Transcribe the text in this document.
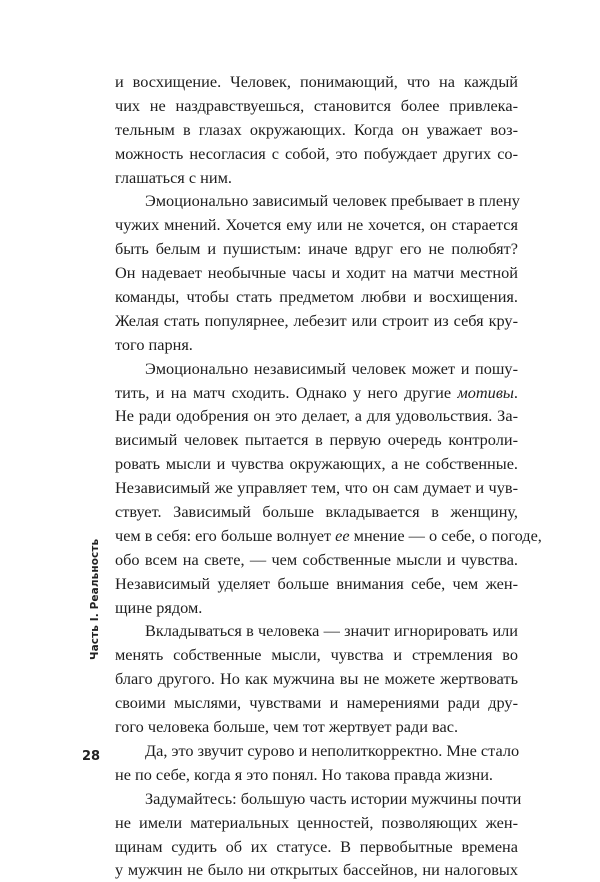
и восхищение. Человек, понимающий, что на каждый
чих не наздравствуешься, становится более привлека-
тельным в глазах окружающих. Когда он уважает воз-
можность несогласия с собой, это побуждает других со-
глашаться с ним.
Эмоционально зависимый человек пребывает в плену
чужих мнений. Хочется ему или не хочется, он старается
быть белым и пушистым: иначе вдруг его не полюбят?
Он надевает необычные часы и ходит на матчи местной
команды, чтобы стать предметом любви и восхищения.
Желая стать популярнее, лебезит или строит из себя кру-
того парня.
Эмоционально независимый человек может и пошу-
тить, и на матч сходить. Однако у него другие мотивы.
Не ради одобрения он это делает, а для удовольствия. За-
висимый человек пытается в первую очередь контроли-
ровать мысли и чувства окружающих, а не собственные.
Независимый же управляет тем, что он сам думает и чув-
ствует. Зависимый больше вкладывается в женщину,
чем в себя: его больше волнует ее мнение — о себе, о погоде,
обо всем на свете, — чем собственные мысли и чувства.
Независимый уделяет больше внимания себе, чем жен-
щине рядом.
Вкладываться в человека — значит игнорировать или
менять собственные мысли, чувства и стремления во
благо другого. Но как мужчина вы не можете жертвовать
своими мыслями, чувствами и намерениями ради дру-
гого человека больше, чем тот жертвует ради вас.
Да, это звучит сурово и неполиткорректно. Мне стало
не по себе, когда я это понял. Но такова правда жизни.
Задумайтесь: большую часть истории мужчины почти
не имели материальных ценностей, позволяющих жен-
щинам судить об их статусе. В первобытные времена
у мужчин не было ни открытых бассейнов, ни налоговых
Часть I. Реальность
28
